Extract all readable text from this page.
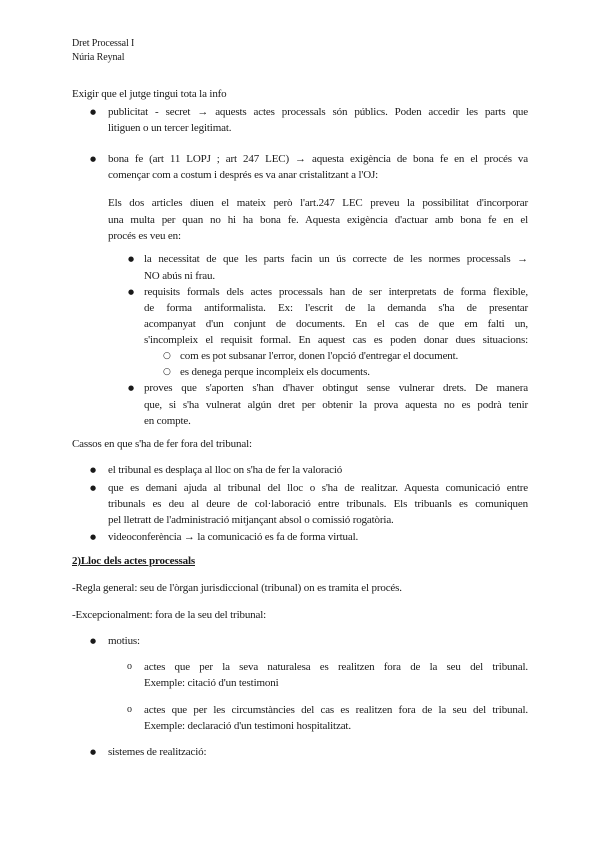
Dret Processal I
Núria Reynal
Exigir que el jutge tingui tota la info
● publicitat - secret → aquests actes processals són públics. Poden accedir les parts que
litiguen o un tercer legitimat.
● bona fe (art 11 LOPJ ; art 247 LEC) → aquesta exigència de bona fe en el procés va
començar com a costum i després es va anar cristalitzant a l'OJ:
Els dos articles diuen el mateix però l'art.247 LEC preveu la possibilitat d'incorporar
una multa per quan no hi ha bona fe. Aquesta exigència d'actuar amb bona fe en el
procés es veu en:
● la necessitat de que les parts facin un ús correcte de les normes processals →
NO abús ni frau.
● requisits formals dels actes processals han de ser interpretats de forma flexible,
de forma antiformalista. Ex: l'escrit de la demanda s'ha de presentar
acompanyat d'un conjunt de documents. En el cas de que em falti un,
s'incompleix el requisit formal. En aquest cas es poden donar dues situacions:
○ com es pot subsanar l'error, donen l'opció d'entregar el document.
○ es denega perque incompleix els documents.
● proves que s'aporten s'han d'haver obtingut sense vulnerar drets. De manera
que, si s'ha vulnerat algún dret per obtenir la prova aquesta no es podrà tenir
en compte.
Cassos en que s'ha de fer fora del tribunal:
● el tribunal es desplaça al lloc on s'ha de fer la valoració
● que es demani ajuda al tribunal del lloc o s'ha de realitzar. Aquesta comunicació entre
tribunals es deu al deure de col·laboració entre tribunals. Els tribuanls es comuniquen
pel lletratt de l'administració mitjançant absol o comissió rogatòria.
● videoconferència → la comunicació es fa de forma virtual.
2)Lloc dels actes processals
-Regla general: seu de l'òrgan jurisdiccional (tribunal) on es tramita el procés.
-Excepcionalment: fora de la seu del tribunal:
● motius:
o actes que per la seva naturalesa es realitzen fora de la seu del tribunal.
Exemple: citació d'un testimoni
o actes que per les circumstàncies del cas es realitzen fora de la seu del tribunal.
Exemple: declaració d'un testimoni hospitalitzat.
● sistemes de realització:
